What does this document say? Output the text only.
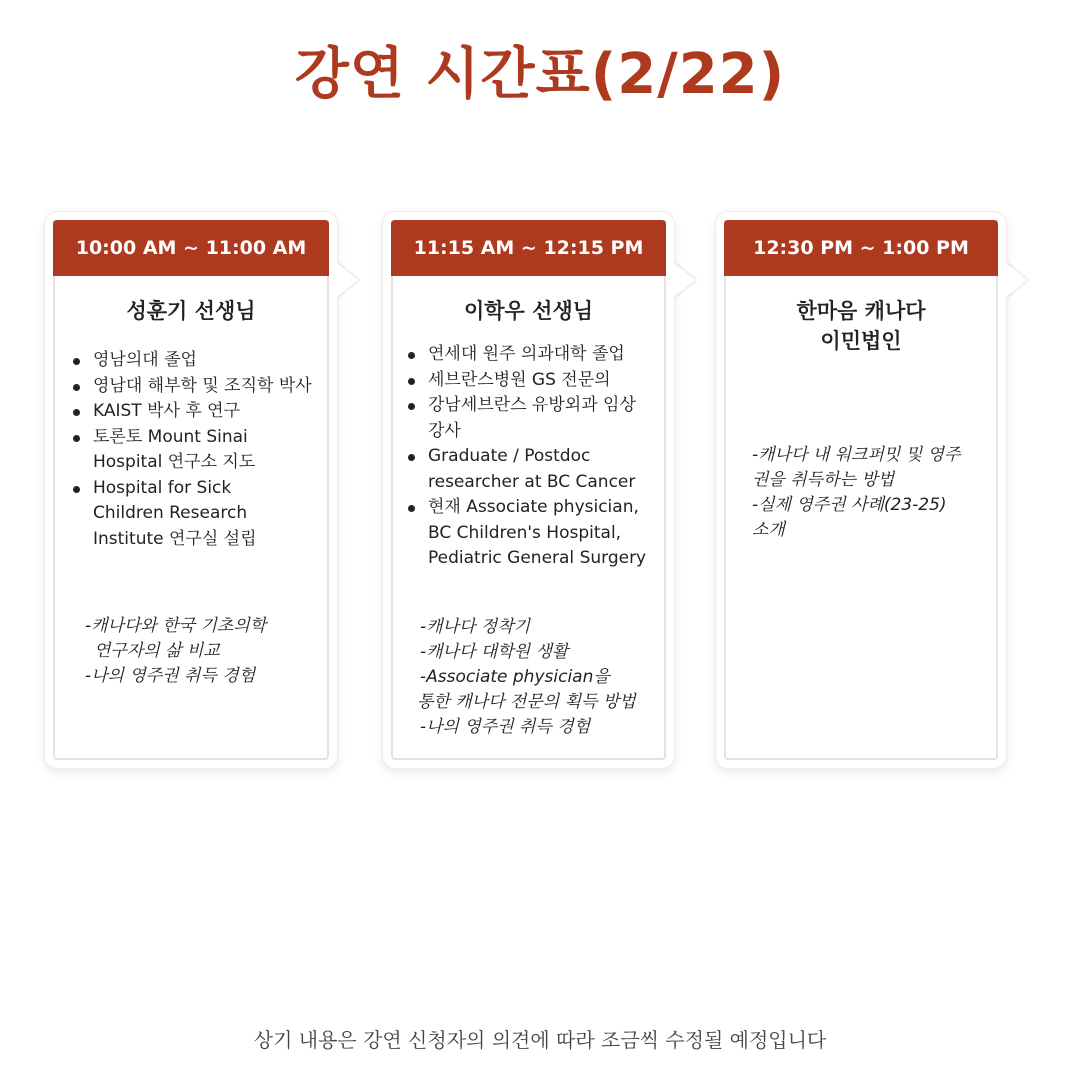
강연 시간표(2/22)
10:00 AM ~ 11:00 AM

성훈기 선생님

영남의대 졸업
영남대 해부학 및 조직학 박사
KAIST 박사 후 연구
토론토 Mount Sinai Hospital 연구소 지도
Hospital for Sick Children Research Institute 연구실 설립
-캐나다와 한국 기초의학
연구자의 삶 비교
-나의 영주권 취득 경험
11:15 AM ~ 12:15 PM

이학우 선생님

연세대 원주 의과대학 졸업
세브란스병원 GS 전문의
강남세브란스 유방외과 임상강사
Graduate / Postdoc researcher at BC Cancer
현재 Associate physician, BC Children's Hospital, Pediatric General Surgery
-캐나다 정착기
-캐나다 대학원 생활
-Associate physician을
통한 캐나다 전문의 획득 방법
-나의 영주권 취득 경험
12:30 PM ~ 1:00 PM

한마음 캐나다
이민법인

-캐나다 내 워크퍼밋 및 영주
권을 취득하는 방법
-실제 영주권 사례(23-25)
소개
상기 내용은 강연 신청자의 의견에 따라 조금씩 수정될 예정입니다
